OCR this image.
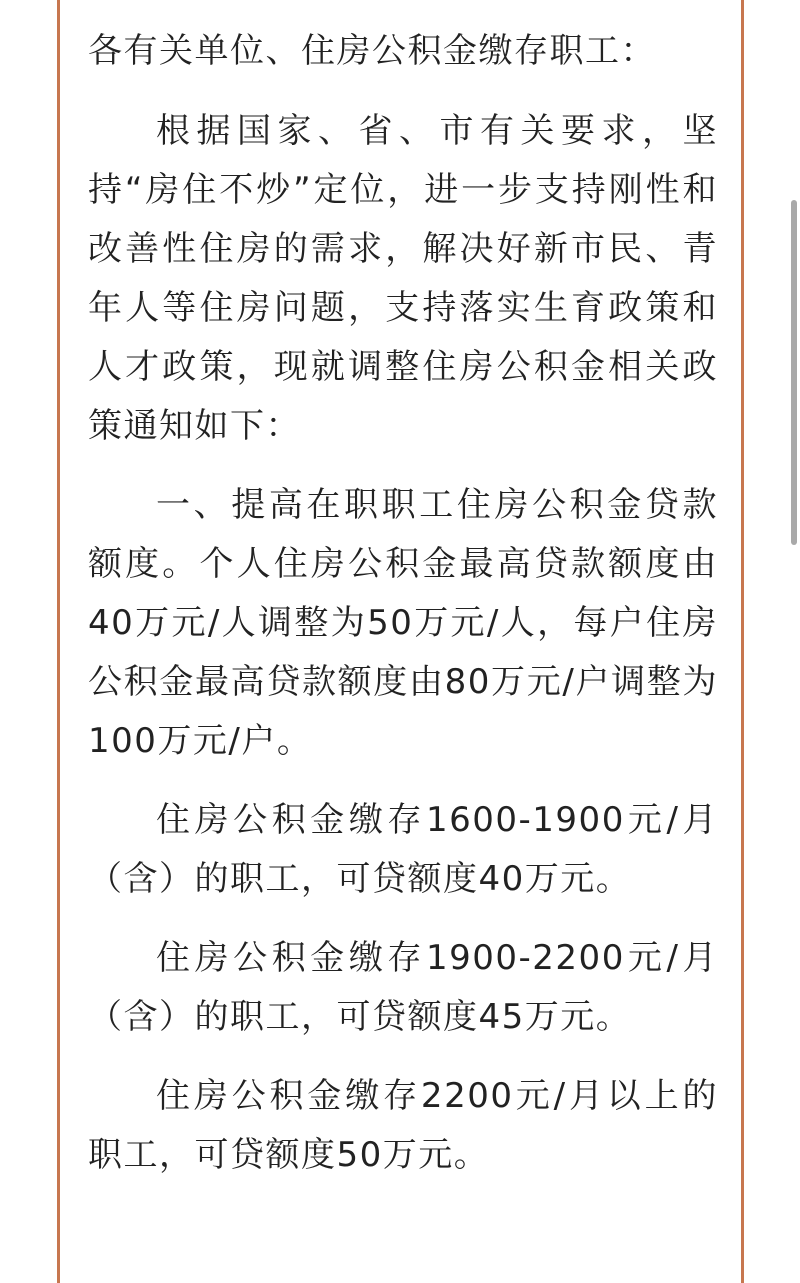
各有关单位、住房公积金缴存职工：

根据国家、省、市有关要求，坚持“房住不炒”定位，进一步支持刚性和改善性住房的需求，解决好新市民、青年人等住房问题，支持落实生育政策和人才政策，现就调整住房公积金相关政策通知如下：

一、提高在职职工住房公积金贷款额度。个人住房公积金最高贷款额度由40万元/人调整为50万元/人，每户住房公积金最高贷款额度由80万元/户调整为100万元/户。

住房公积金缴存1600-1900元/月（含）的职工，可贷额度40万元。

住房公积金缴存1900-2200元/月（含）的职工，可贷额度45万元。

住房公积金缴存2200元/月以上的职工，可贷额度50万元。
